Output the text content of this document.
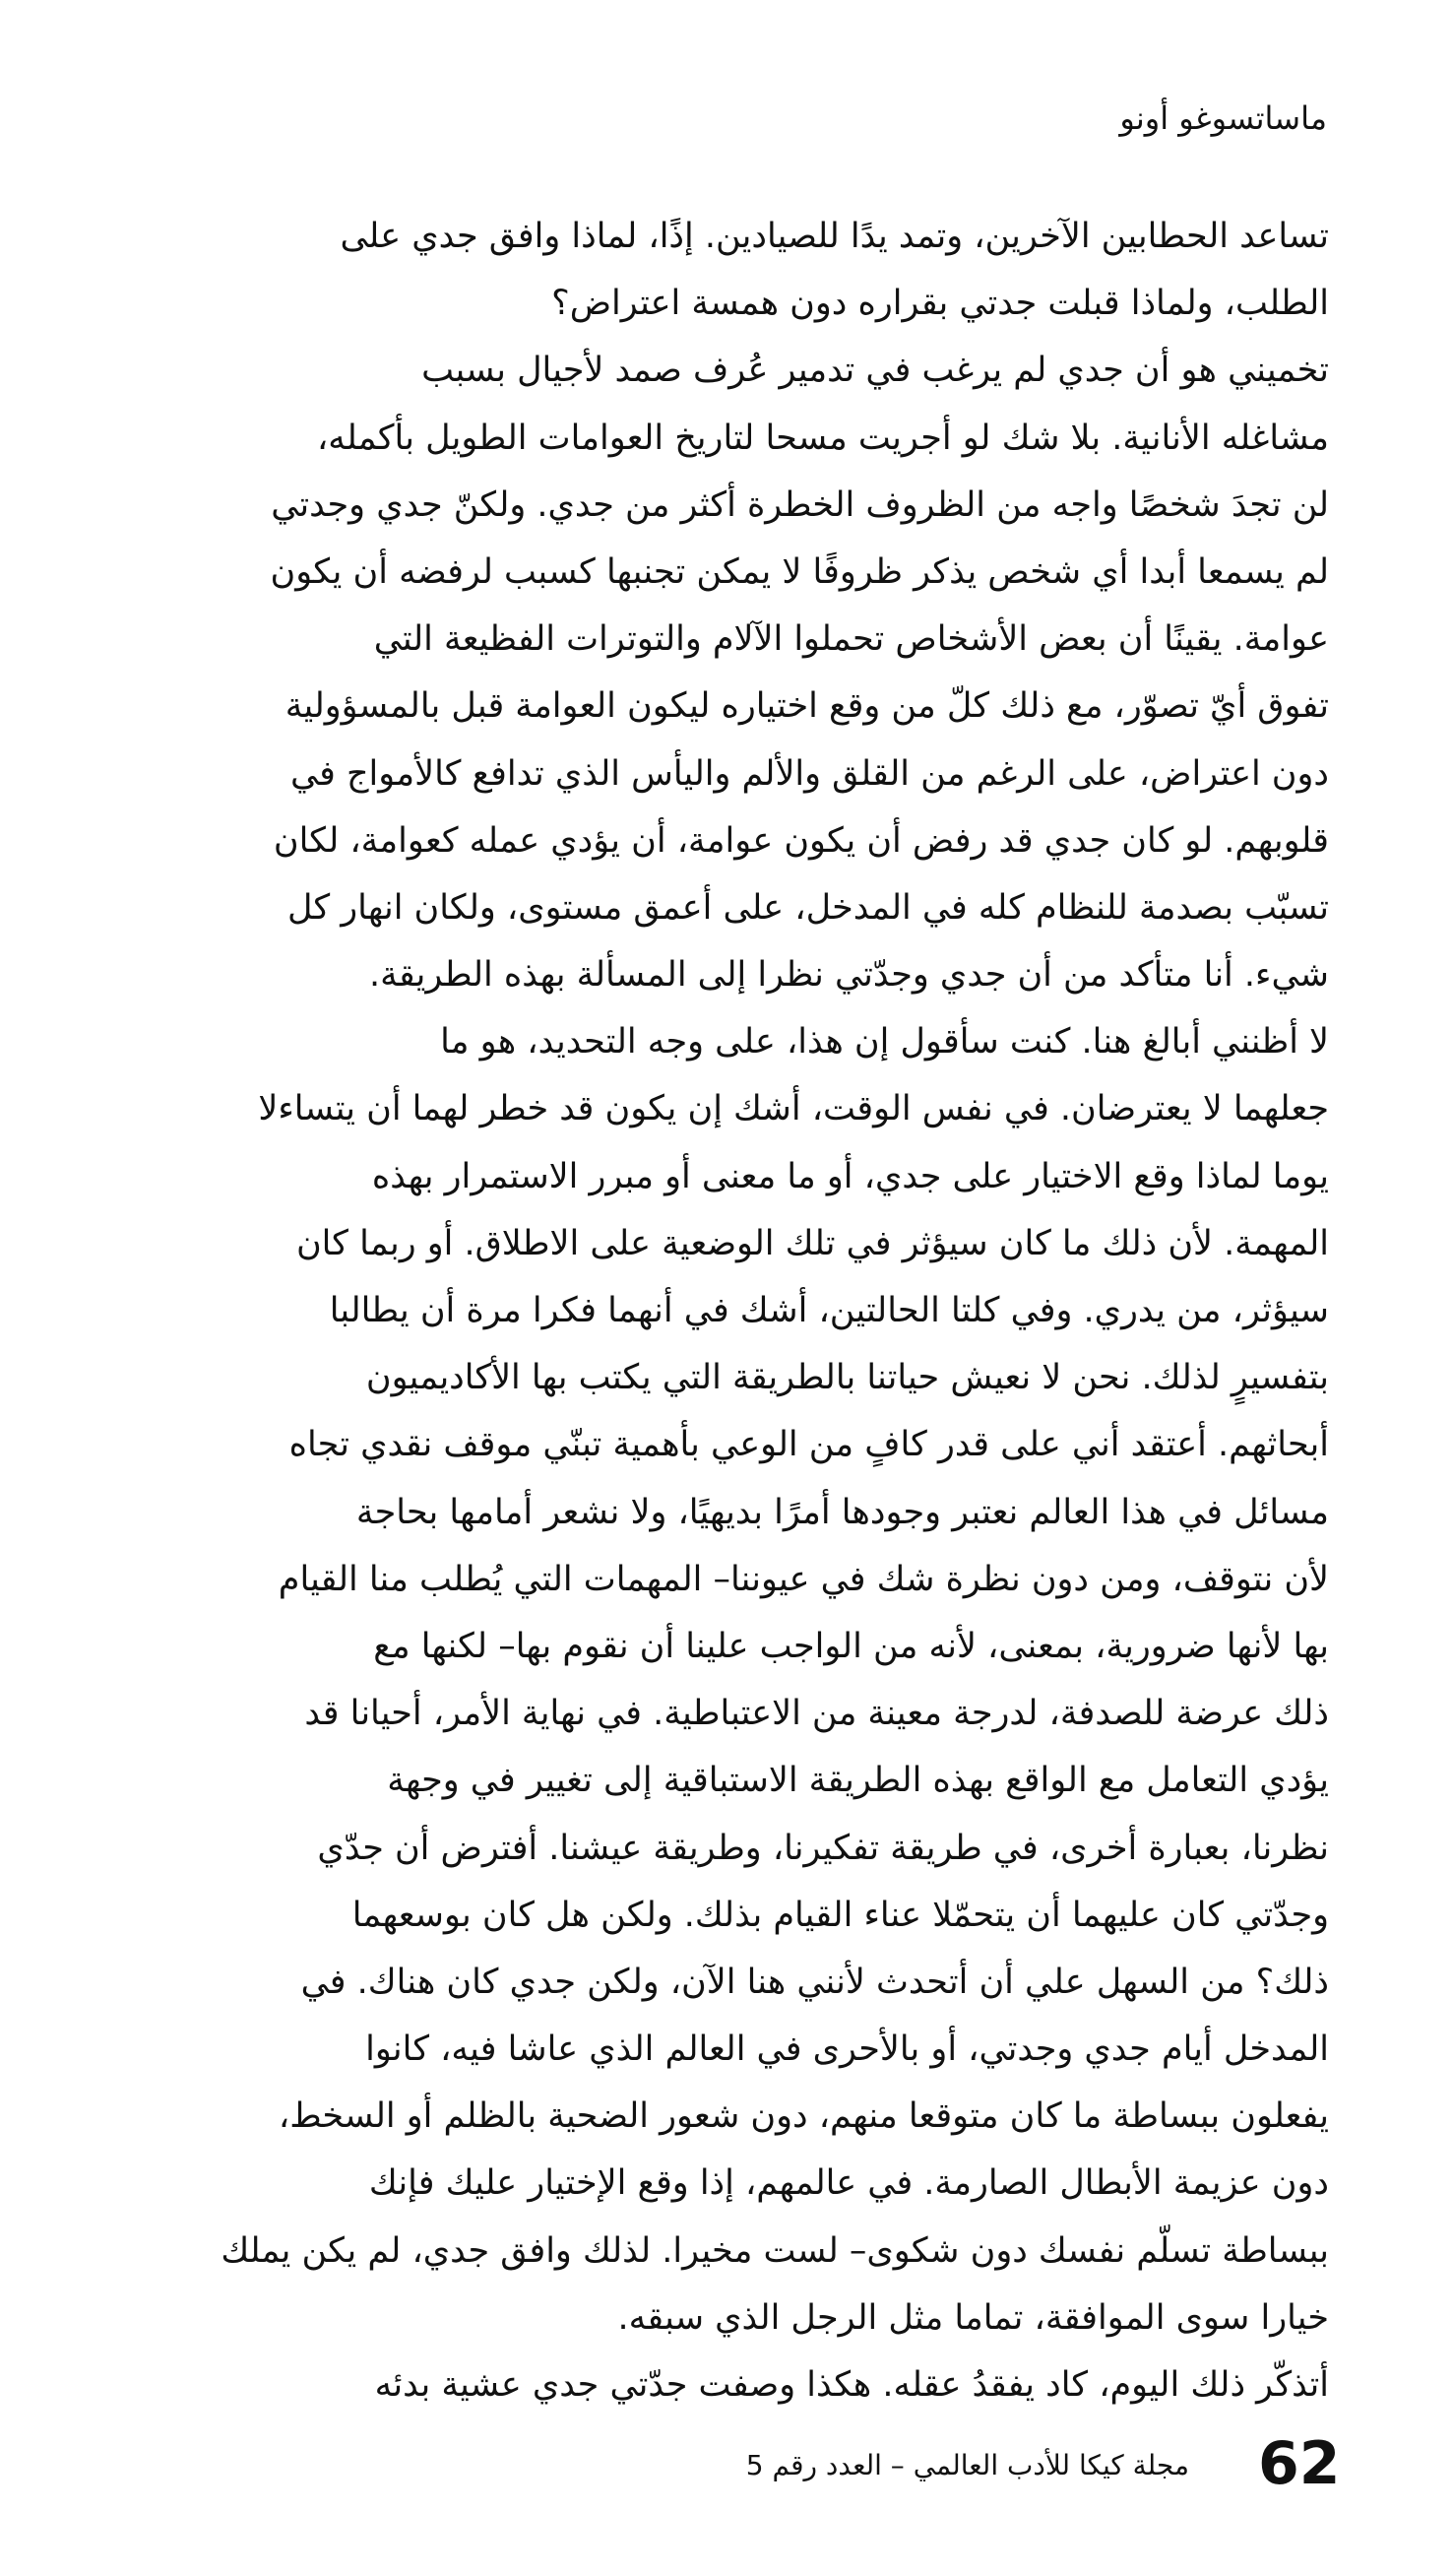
ماساتسوغو أونو
تساعد الحطابين الآخرين، وتمد يدًا للصيادين. إذًا، لماذا وافق جدي على
الطلب، ولماذا قبلت جدتي بقراره دون همسة اعتراض؟
تخميني هو أن جدي لم يرغب في تدمير عُرف صمد لأجيال بسبب
مشاغله الأنانية. بلا شك لو أجريت مسحا لتاريخ العوامات الطويل بأكمله،
لن تجدَ شخصًا واجه من الظروف الخطرة أكثر من جدي. ولكنّ جدي وجدتي
لم يسمعا أبدا أي شخص يذكر ظروفًا لا يمكن تجنبها كسبب لرفضه أن يكون
عوامة. يقينًا أن بعض الأشخاص تحملوا الآلام والتوترات الفظيعة التي
تفوق أيّ تصوّر، مع ذلك كلّ من وقع اختياره ليكون العوامة قبل بالمسؤولية
دون اعتراض، على الرغم من القلق والألم واليأس الذي تدافع كالأمواج في
قلوبهم. لو كان جدي قد رفض أن يكون عوامة، أن يؤدي عمله كعوامة، لكان
تسبّب بصدمة للنظام كله في المدخل، على أعمق مستوى، ولكان انهار كل
شيء. أنا متأكد من أن جدي وجدّتي نظرا إلى المسألة بهذه الطريقة.
لا أظنني أبالغ هنا. كنت سأقول إن هذا، على وجه التحديد، هو ما
جعلهما لا يعترضان. في نفس الوقت، أشك إن يكون قد خطر لهما أن يتساءلا
يوما لماذا وقع الاختيار على جدي، أو ما معنى أو مبرر الاستمرار بهذه
المهمة. لأن ذلك ما كان سيؤثر في تلك الوضعية على الاطلاق. أو ربما كان
سيؤثر، من يدري. وفي كلتا الحالتين، أشك في أنهما فكرا مرة أن يطالبا
بتفسيرٍ لذلك. نحن لا نعيش حياتنا بالطريقة التي يكتب بها الأكاديميون
أبحاثهم. أعتقد أني على قدر كافٍ من الوعي بأهمية تبنّي موقف نقدي تجاه
مسائل في هذا العالم نعتبر وجودها أمرًا بديهيًا، ولا نشعر أمامها بحاجة
لأن نتوقف، ومن دون نظرة شك في عيوننا– المهمات التي يُطلب منا القيام
بها لأنها ضرورية، بمعنى، لأنه من الواجب علينا أن نقوم بها– لكنها مع
ذلك عرضة للصدفة، لدرجة معينة من الاعتباطية. في نهاية الأمر، أحيانا قد
يؤدي التعامل مع الواقع بهذه الطريقة الاستباقية إلى تغيير في وجهة
نظرنا، بعبارة أخرى، في طريقة تفكيرنا، وطريقة عيشنا. أفترض أن جدّي
وجدّتي كان عليهما أن يتحمّلا عناء القيام بذلك. ولكن هل كان بوسعهما
ذلك؟ من السهل علي أن أتحدث لأنني هنا الآن، ولكن جدي كان هناك. في
المدخل أيام جدي وجدتي، أو بالأحرى في العالم الذي عاشا فيه، كانوا
يفعلون ببساطة ما كان متوقعا منهم، دون شعور الضحية بالظلم أو السخط،
دون عزيمة الأبطال الصارمة. في عالمهم، إذا وقع الإختيار عليك فإنك
ببساطة تسلّم نفسك دون شكوى– لست مخيرا. لذلك وافق جدي، لم يكن يملك
خيارا سوى الموافقة، تماما مثل الرجل الذي سبقه.
أتذكّر ذلك اليوم، كاد يفقدُ عقله. هكذا وصفت جدّتي جدي عشية بدئه
62
مجلة كيكا للأدب العالمي – العدد رقم 5
